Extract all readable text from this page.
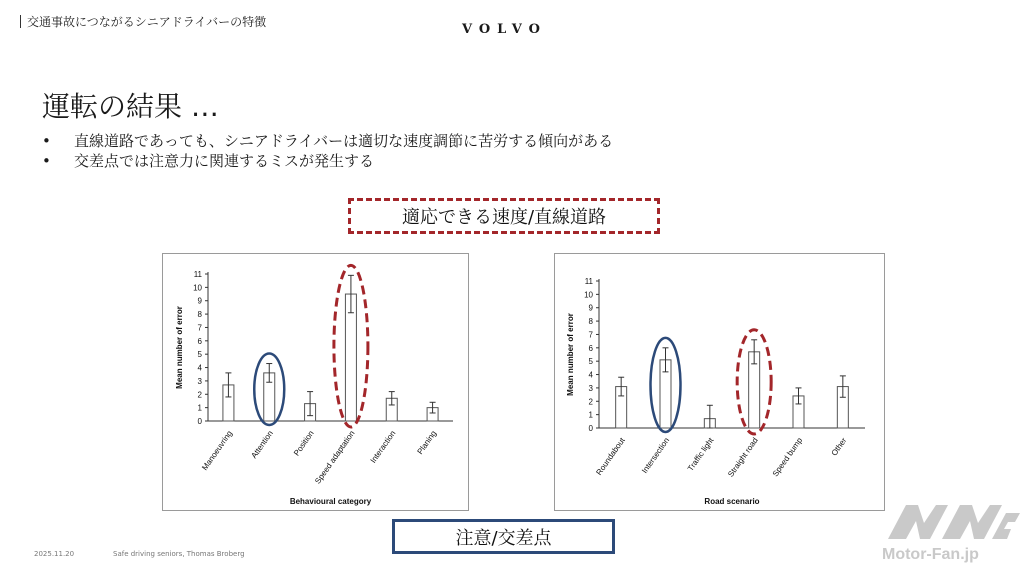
交通事故につながるシニアドライバーの特徴	VOLVO
運転の結果 …
• 直線道路であっても、シニアドライバーは適切な速度調節に苦労する傾向がある
• 交差点では注意力に関連するミスが発生する
適応できる速度/直線道路
注意/交差点
0
1
2
3
4
5
6
7
8
9
10
11
Mean number of error
Manoeuvring Attention Position
Speed adaptation Interaction Planing
Behavioural category
0
1
2
3
4
5
6
7
8
9
10
11
Mean number of error
Roundabout Intersection Traffic light Straight road Speed bump	Other
Road scenario
2025.11.20	Safe driving seniors, Thomas Broberg	Motor-Fan.jp
